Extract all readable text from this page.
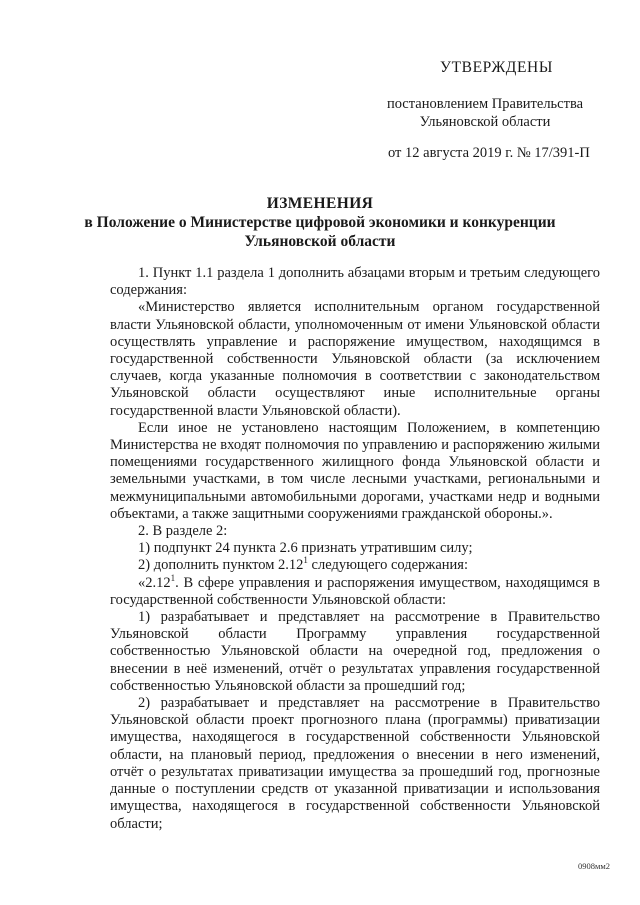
УТВЕРЖДЕНЫ
постановлением Правительства
Ульяновской области
от 12 августа 2019 г. № 17/391-П
ИЗМЕНЕНИЯ
в Положение о Министерстве цифровой экономики и конкуренции
Ульяновской области

1. Пункт 1.1 раздела 1 дополнить абзацами вторым и третьим следующего содержания:

«Министерство является исполнительным органом государственной власти Ульяновской области, уполномоченным от имени Ульяновской области осуществлять управление и распоряжение имуществом, находящимся в государственной собственности Ульяновской области (за исключением случаев, когда указанные полномочия в соответствии с законодательством Ульяновской области осуществляют иные исполнительные органы государственной власти Ульяновской области).

Если иное не установлено настоящим Положением, в компетенцию Министерства не входят полномочия по управлению и распоряжению жилыми помещениями государственного жилищного фонда Ульяновской области и земельными участками, в том числе лесными участками, региональными и межмуниципальными автомобильными дорогами, участками недр и водными объектами, а также защитными сооружениями гражданской обороны.».

2. В разделе 2:

1) подпункт 24 пункта 2.6 признать утратившим силу;

2) дополнить пунктом 2.12$^1$ следующего содержания:

«2.12$^1$. В сфере управления и распоряжения имуществом, находящимся в государственной собственности Ульяновской области:

1) разрабатывает и представляет на рассмотрение в Правительство Ульяновской области Программу управления государственной собственностью Ульяновской области на очередной год, предложения о внесении в неё изменений, отчёт о результатах управления государственной собственностью Ульяновской области за прошедший год;

2) разрабатывает и представляет на рассмотрение в Правительство Ульяновской области проект прогнозного плана (программы) приватизации имущества, находящегося в государственной собственности Ульяновской области, на плановый период, предложения о внесении в него изменений, отчёт о результатах приватизации имущества за прошедший год, прогнозные данные о поступлении средств от указанной приватизации и использования имущества, находящегося в государственной собственности Ульяновской области;

0908мм2
